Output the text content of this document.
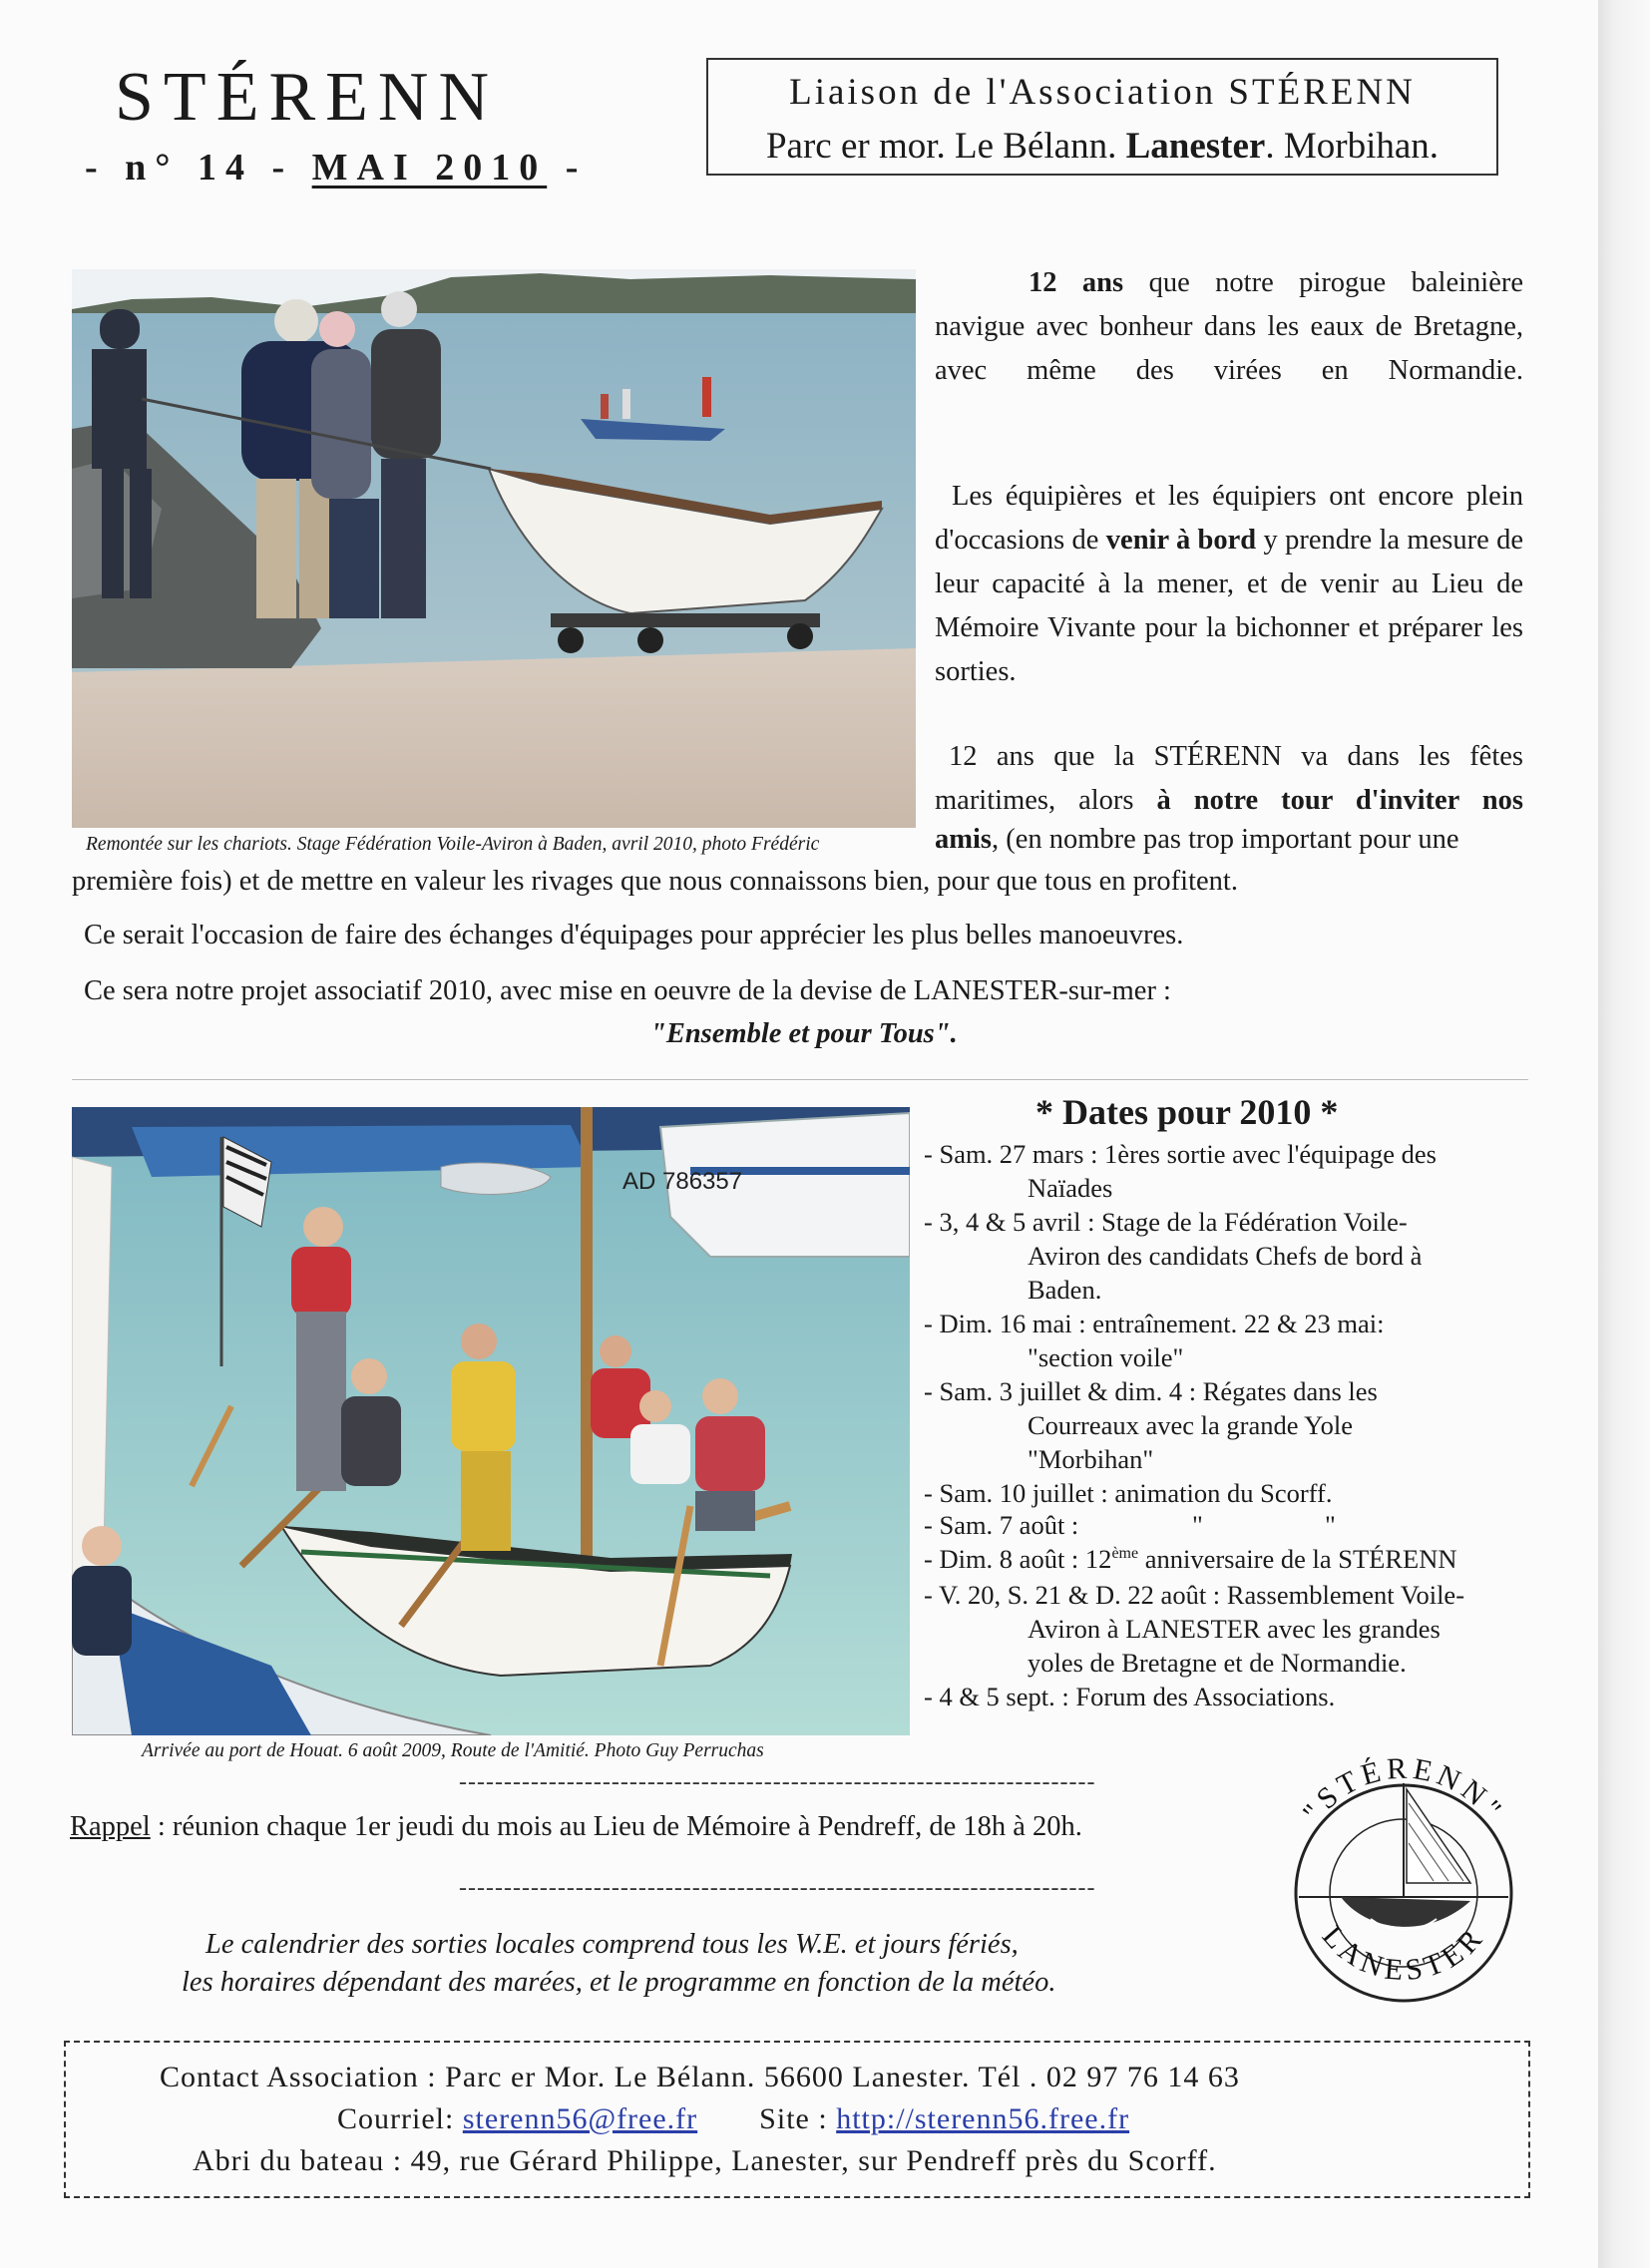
STÉRENN
- n° 14 - MAI 2010 -
Liaison de l'Association STÉRENN
Parc er mor. Le Bélann. Lanester. Morbihan.
Remontée sur les chariots. Stage Fédération Voile-Aviron à Baden, avril 2010, photo Frédéric
12 ans que notre pirogue baleinière navigue avec bonheur dans les eaux de Bretagne, avec même des virées en Normandie.
Les équipières et les équipiers ont encore plein d'occasions de venir à bord y prendre la mesure de leur capacité à la mener, et de venir au Lieu de Mémoire Vivante pour la bichonner et préparer les sorties.
12 ans que la STÉRENN va dans les fêtes maritimes, alors à notre tour d'inviter nos
amis, (en nombre pas trop important pour une
première fois) et de mettre en valeur les rivages que nous connaissons bien, pour que tous en profitent.
Ce serait l'occasion de faire des échanges d'équipages pour apprécier les plus belles manoeuvres.
Ce sera notre projet associatif 2010, avec mise en oeuvre de la devise de LANESTER-sur-mer :
"Ensemble et pour Tous".
AD 786357
Arrivée au port de Houat. 6 août 2009, Route de l'Amitié. Photo Guy Perruchas
* Dates pour 2010 *
- Sam. 27 mars : 1ères sortie avec l'équipage des
Naïades
- 3, 4 & 5 avril : Stage de la Fédération Voile-
Aviron des candidats Chefs de bord à
Baden.
- Dim. 16 mai : entraînement. 22 & 23 mai:
"section voile"
- Sam. 3 juillet & dim. 4 : Régates dans les
Courreaux avec la grande Yole
"Morbihan"
- Sam. 10 juillet : animation du Scorff.
- Sam. 7 août :	"	"
- Dim. 8 août : 12ème anniversaire de la STÉRENN
- V. 20, S. 21 & D. 22 août : Rassemblement Voile-
Aviron à LANESTER avec les grandes
yoles de Bretagne et de Normandie.
- 4 & 5 sept. : Forum des Associations.
-----------------------------------------------------------------------
Rappel : réunion chaque 1er jeudi du mois au Lieu de Mémoire à Pendreff, de 18h à 20h.
-----------------------------------------------------------------------
Le calendrier des sorties locales comprend tous les W.E. et jours fériés,
les horaires dépendant des marées, et le programme en fonction de la météo.
"STÉRENN"
LANESTER
Contact Association : Parc er Mor. Le Bélann. 56600 Lanester. Tél . 02 97 76 14 63
Courriel: sterenn56@free.fr Site : http://sterenn56.free.fr
Abri du bateau : 49, rue Gérard Philippe, Lanester, sur Pendreff près du Scorff.
